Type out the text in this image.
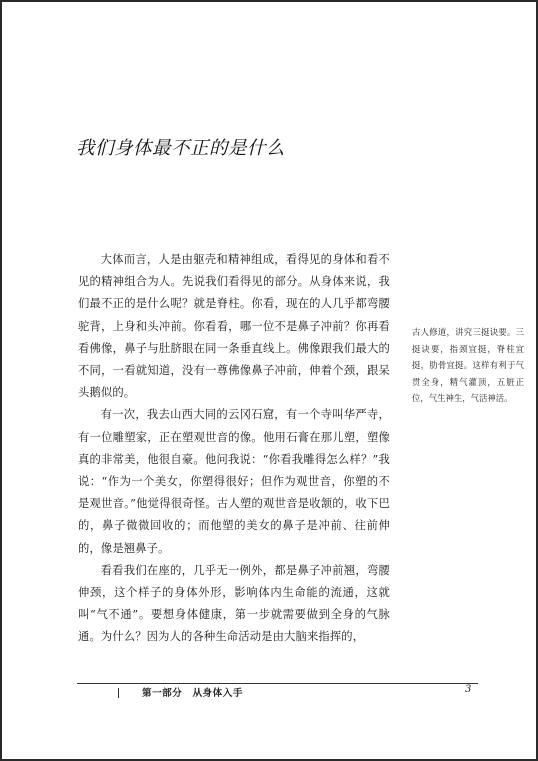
我们身体最不正的是什么

大体而言，人是由躯壳和精神组成，看得见的身体和看不见的精神组合为人。先说我们看得见的部分。从身体来说，我们最不正的是什么呢？就是脊柱。你看，现在的人几乎都弯腰驼背，上身和头冲前。你看看，哪一位不是鼻子冲前？你再看看佛像，鼻子与肚脐眼在同一条垂直线上。佛像跟我们最大的不同，一看就知道，没有一尊佛像鼻子冲前，伸着个颈，跟呆头鹅似的。

有一次，我去山西大同的云冈石窟，有一个寺叫华严寺，有一位雕塑家，正在塑观世音的像。他用石膏在那儿塑，塑像真的非常美，他很自豪。他问我说：“你看我雕得怎么样？”我说：“作为一个美女，你塑得很好；但作为观世音，你塑的不是观世音。”他觉得很奇怪。古人塑的观世音是收颔的，收下巴的，鼻子微微回收的；而他塑的美女的鼻子是冲前、往前伸的，像是翘鼻子。

看看我们在座的，几乎无一例外，都是鼻子冲前翘，弯腰伸颈，这个样子的身体外形，影响体内生命能的流通，这就叫“气不通”。要想身体健康，第一步就需要做到全身的气脉通。为什么？因为人的各种生命活动是由大脑来指挥的，

古人修道，讲究三挺诀要。三挺诀要，指颈宜挺，脊柱宜挺，肋骨宜挺。这样有利于气贯全身，精气灌顶，五脏正位，气生神生，气活神活。
第一部分　从身体入手	3
